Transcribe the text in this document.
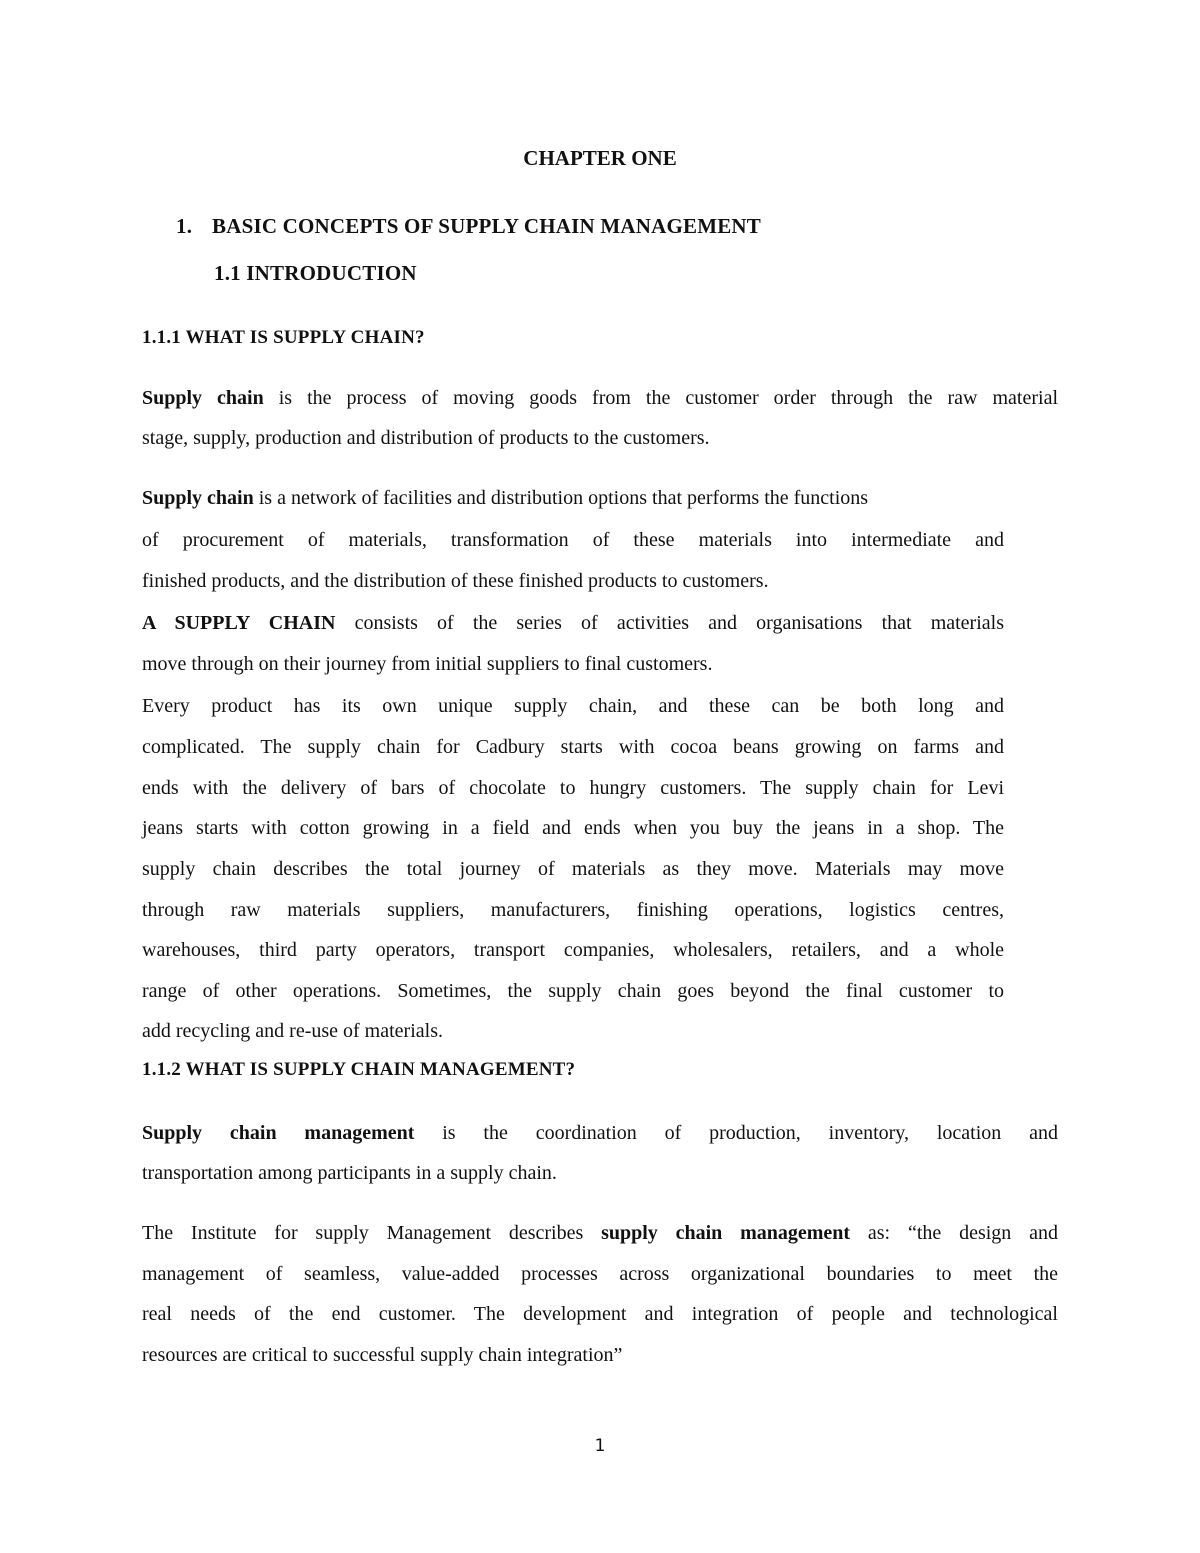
CHAPTER ONE
1. BASIC CONCEPTS OF SUPPLY CHAIN MANAGEMENT
1.1 INTRODUCTION
1.1.1 WHAT IS SUPPLY CHAIN?
Supply chain is the process of moving goods from the customer order through the raw material
stage, supply, production and distribution of products to the customers.
Supply chain is a network of facilities and distribution options that performs the functions
of procurement of materials, transformation of these materials into intermediate and
finished products, and the distribution of these finished products to customers.
A SUPPLY CHAIN consists of the series of activities and organisations that materials
move through on their journey from initial suppliers to final customers.
Every product has its own unique supply chain, and these can be both long and
complicated. The supply chain for Cadbury starts with cocoa beans growing on farms and
ends with the delivery of bars of chocolate to hungry customers. The supply chain for Levi
jeans starts with cotton growing in a field and ends when you buy the jeans in a shop. The
supply chain describes the total journey of materials as they move. Materials may move
through raw materials suppliers, manufacturers, finishing operations, logistics centres,
warehouses, third party operators, transport companies, wholesalers, retailers, and a whole
range of other operations. Sometimes, the supply chain goes beyond the final customer to
add recycling and re-use of materials.
1.1.2 WHAT IS SUPPLY CHAIN MANAGEMENT?
Supply chain management is the coordination of production, inventory, location and
transportation among participants in a supply chain.
The Institute for supply Management describes supply chain management as: “the design and
management of seamless, value-added processes across organizational boundaries to meet the
real needs of the end customer. The development and integration of people and technological
resources are critical to successful supply chain integration”
1
